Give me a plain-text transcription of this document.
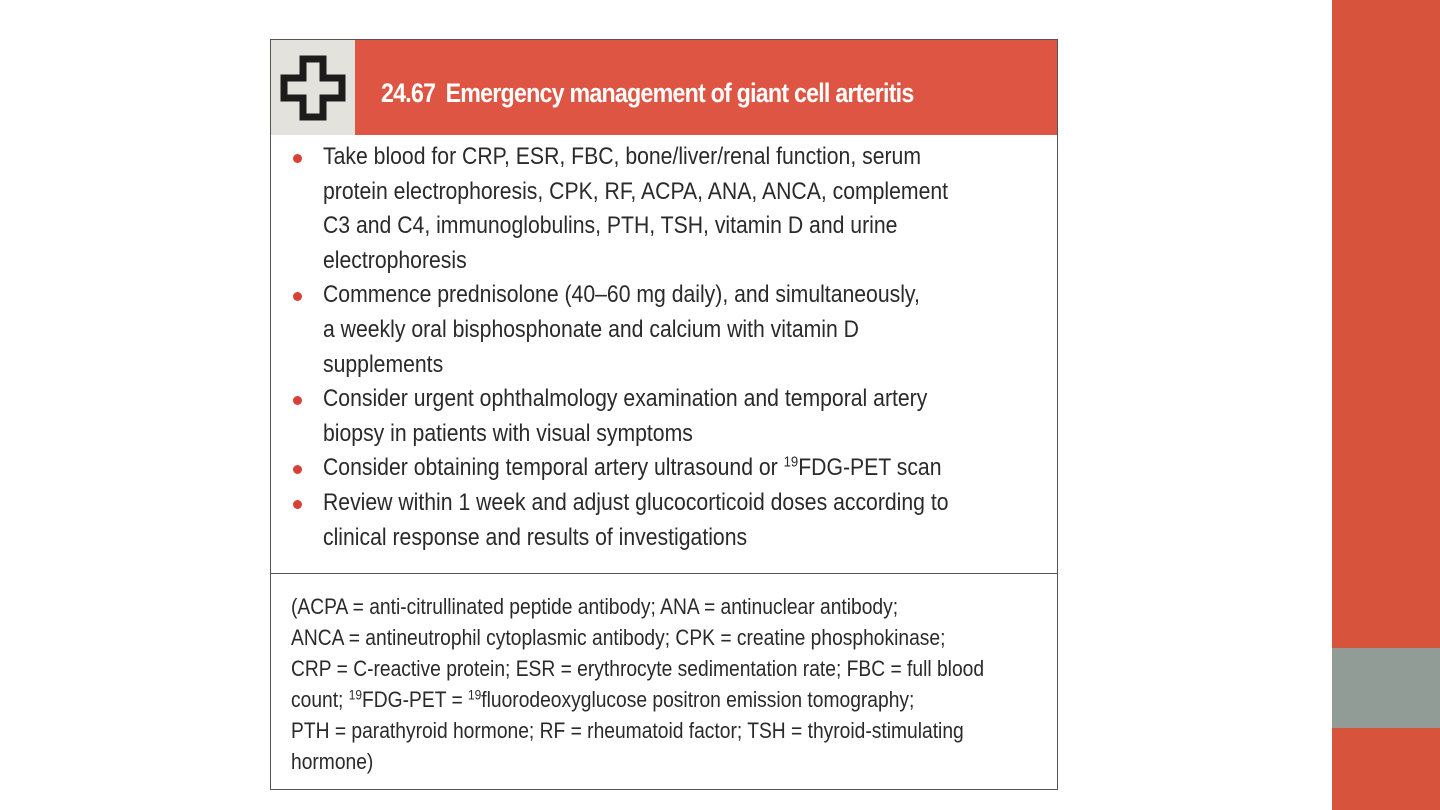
24.67 Emergency management of giant cell arteritis
Take blood for CRP, ESR, FBC, bone/liver/renal function, serum
protein electrophoresis, CPK, RF, ACPA, ANA, ANCA, complement
C3 and C4, immunoglobulins, PTH, TSH, vitamin D and urine
electrophoresis
Commence prednisolone (40–60 mg daily), and simultaneously,
a weekly oral bisphosphonate and calcium with vitamin D
supplements
Consider urgent ophthalmology examination and temporal artery
biopsy in patients with visual symptoms
Consider obtaining temporal artery ultrasound or $^{19}$FDG-PET scan
Review within 1 week and adjust glucocorticoid doses according to
clinical response and results of investigations
(ACPA = anti-citrullinated peptide antibody; ANA = antinuclear antibody;
ANCA = antineutrophil cytoplasmic antibody; CPK = creatine phosphokinase;
CRP = C-reactive protein; ESR = erythrocyte sedimentation rate; FBC = full blood
count; $^{19}$FDG-PET = $^{19}$fluorodeoxyglucose positron emission tomography;
PTH = parathyroid hormone; RF = rheumatoid factor; TSH = thyroid-stimulating
hormone)
